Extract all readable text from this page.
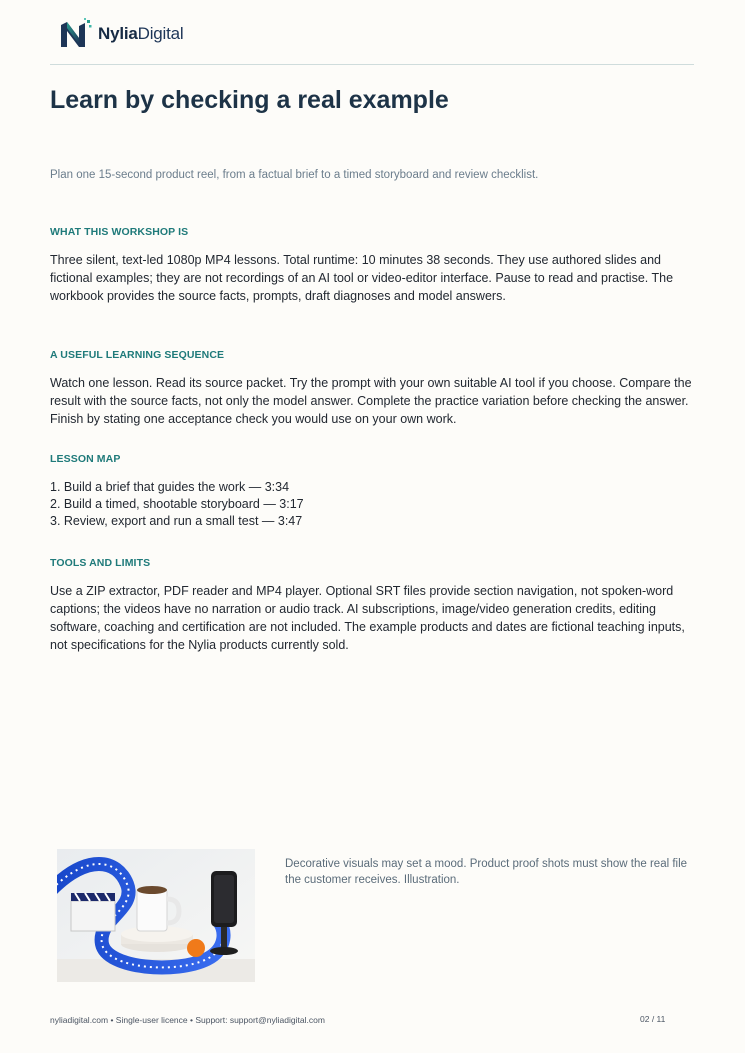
NyliaDigital
Learn by checking a real example

Plan one 15-second product reel, from a factual brief to a timed storyboard and review checklist.

WHAT THIS WORKSHOP IS

Three silent, text-led 1080p MP4 lessons. Total runtime: 10 minutes 38 seconds. They use authored slides and fictional examples; they are not recordings of an AI tool or video-editor interface. Pause to read and practise. The workbook provides the source facts, prompts, draft diagnoses and model answers.

A USEFUL LEARNING SEQUENCE

Watch one lesson. Read its source packet. Try the prompt with your own suitable AI tool if you choose. Compare the result with the source facts, not only the model answer. Complete the practice variation before checking the answer. Finish by stating one acceptance check you would use on your own work.

LESSON MAP

1. Build a brief that guides the work — 3:34
2. Build a timed, shootable storyboard — 3:17
3. Review, export and run a small test — 3:47

TOOLS AND LIMITS

Use a ZIP extractor, PDF reader and MP4 player. Optional SRT files provide section navigation, not spoken-word captions; the videos have no narration or audio track. AI subscriptions, image/video generation credits, editing software, coaching and certification are not included. The example products and dates are fictional teaching inputs, not specifications for the Nylia products currently sold.

Decorative visuals may set a mood. Product proof shots must show the real file the customer receives. Illustration.

nyliadigital.com • Single-user licence • Support: support@nyliadigital.com	02 / 11
